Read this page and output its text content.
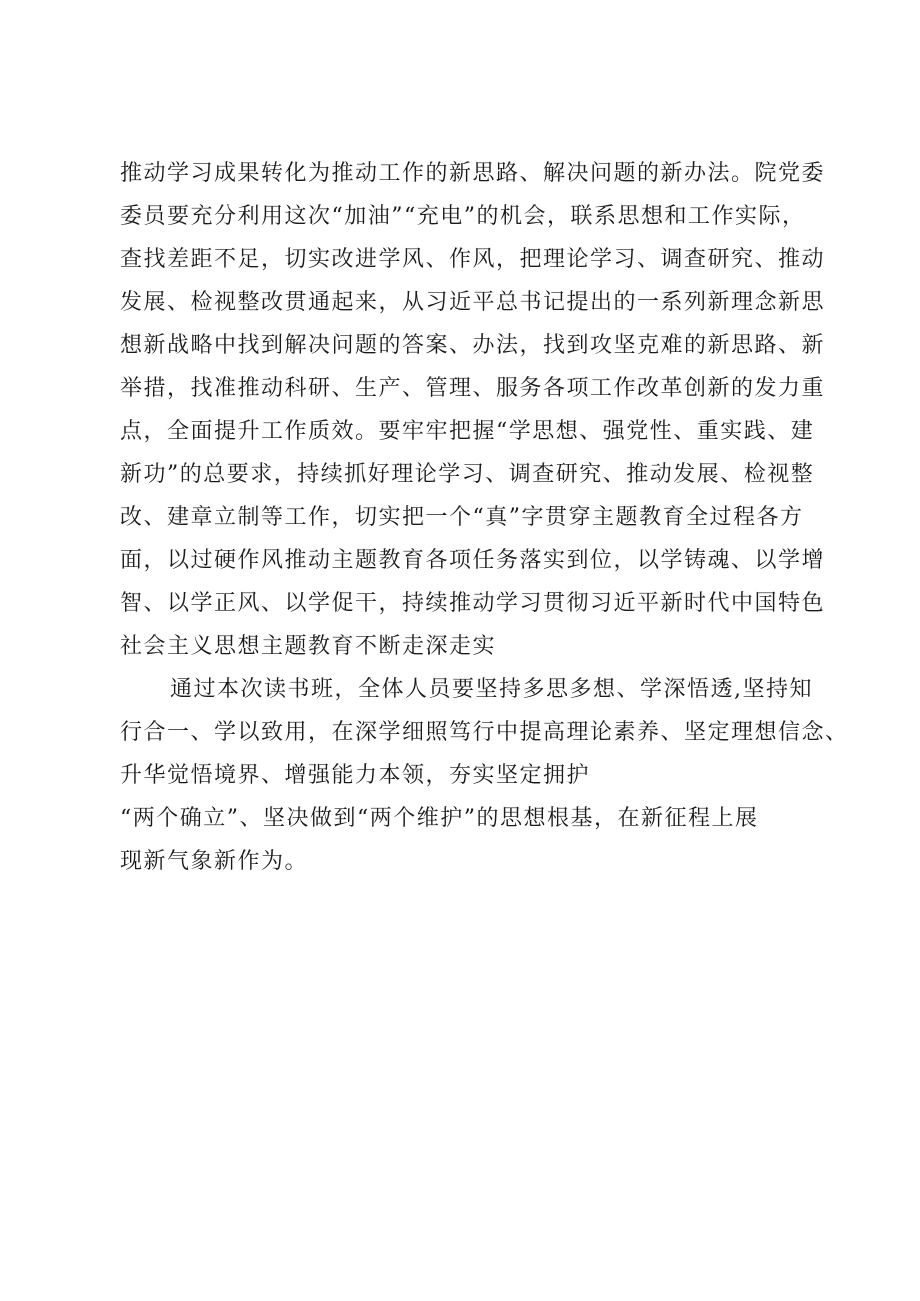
推动学习成果转化为推动工作的新思路、解决问题的新办法。院党委
委员要充分利用这次“加油”“充电”的机会，联系思想和工作实际，
查找差距不足，切实改进学风、作风，把理论学习、调查研究、推动
发展、检视整改贯通起来，从习近平总书记提出的一系列新理念新思
想新战略中找到解决问题的答案、办法，找到攻坚克难的新思路、新
举措，找准推动科研、生产、管理、服务各项工作改革创新的发力重
点，全面提升工作质效。要牢牢把握“学思想、强党性、重实践、建
新功”的总要求，持续抓好理论学习、调查研究、推动发展、检视整
改、建章立制等工作，切实把一个“真”字贯穿主题教育全过程各方
面，以过硬作风推动主题教育各项任务落实到位，以学铸魂、以学增
智、以学正风、以学促干，持续推动学习贯彻习近平新时代中国特色
社会主义思想主题教育不断走深走实
通过本次读书班，全体人员要坚持多思多想、学深悟透,坚持知
行合一、学以致用，在深学细照笃行中提高理论素养、坚定理想信念、
升华觉悟境界、增强能力本领，夯实坚定拥护
“两个确立”、坚决做到“两个维护”的思想根基，在新征程上展
现新气象新作为。
